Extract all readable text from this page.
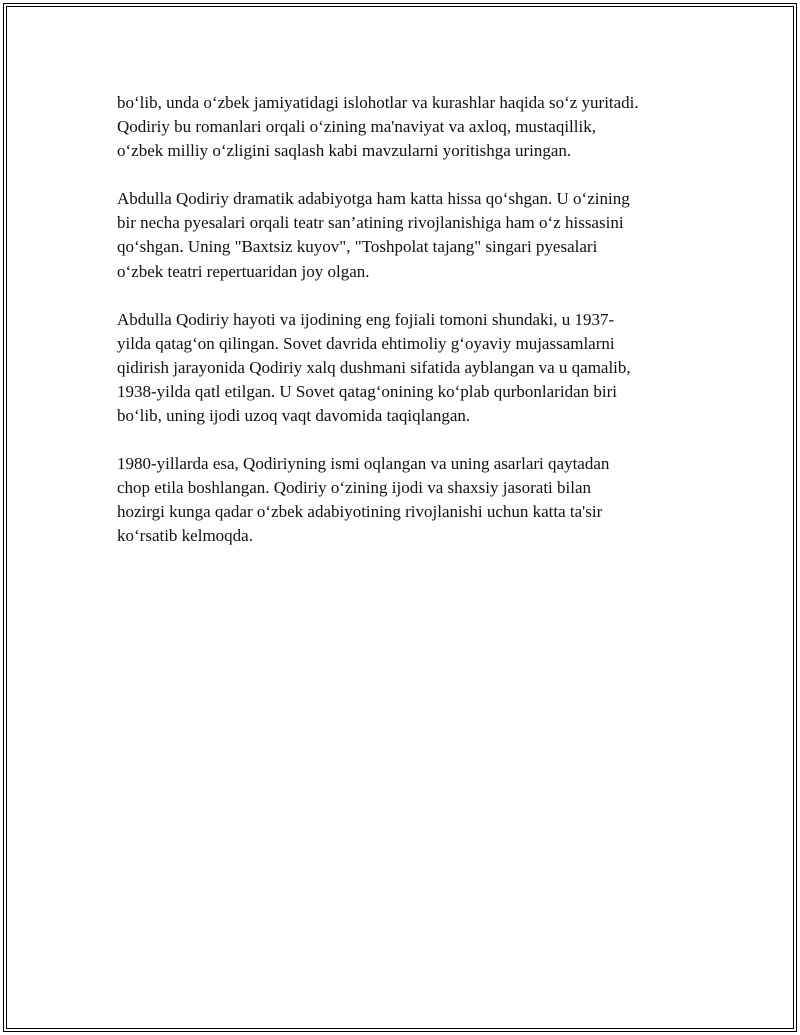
bo‘lib, unda o‘zbek jamiyatidagi islohotlar va kurashlar haqida so‘z yuritadi.
Qodiriy bu romanlari orqali o‘zining ma'naviyat va axloq, mustaqillik,
o‘zbek milliy o‘zligini saqlash kabi mavzularni yoritishga uringan.

Abdulla Qodiriy dramatik adabiyotga ham katta hissa qo‘shgan. U o‘zining
bir necha pyesalari orqali teatr san’atining rivojlanishiga ham o‘z hissasini
qo‘shgan. Uning "Baxtsiz kuyov", "Toshpolat tajang" singari pyesalari
o‘zbek teatri repertuaridan joy olgan.

Abdulla Qodiriy hayoti va ijodining eng fojiali tomoni shundaki, u 1937-
yilda qatag‘on qilingan. Sovet davrida ehtimoliy g‘oyaviy mujassamlarni
qidirish jarayonida Qodiriy xalq dushmani sifatida ayblangan va u qamalib,
1938-yilda qatl etilgan. U Sovet qatag‘onining ko‘plab qurbonlaridan biri
bo‘lib, uning ijodi uzoq vaqt davomida taqiqlangan.

1980-yillarda esa, Qodiriyning ismi oqlangan va uning asarlari qaytadan
chop etila boshlangan. Qodiriy o‘zining ijodi va shaxsiy jasorati bilan
hozirgi kunga qadar o‘zbek adabiyotining rivojlanishi uchun katta ta'sir
ko‘rsatib kelmoqda.
